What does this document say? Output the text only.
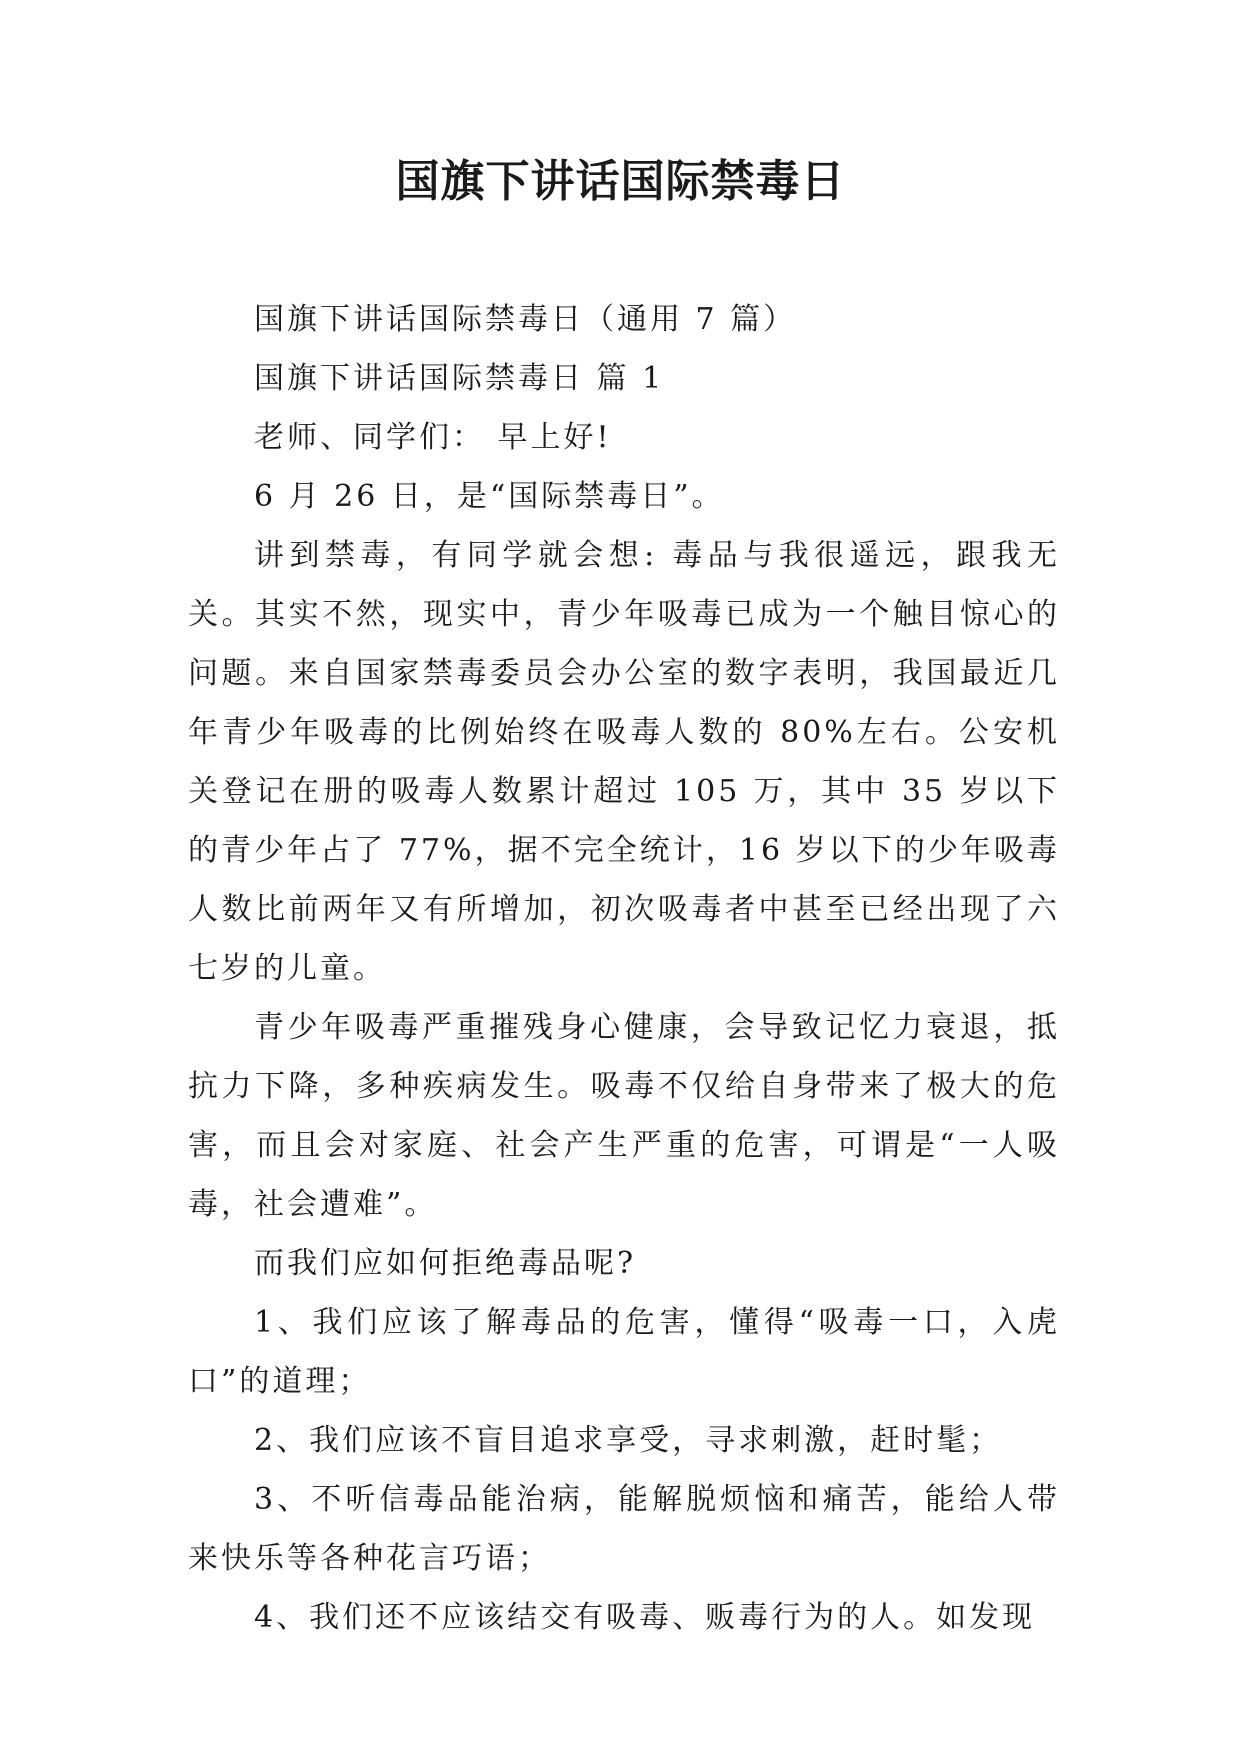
国旗下讲话国际禁毒日

国旗下讲话国际禁毒日（通用 7 篇）

国旗下讲话国际禁毒日 篇 1

老师、同学们： 早上好!

6 月 26 日，是“国际禁毒日”。

讲到禁毒，有同学就会想: 毒品与我很遥远，跟我无关。其实不然，现实中，青少年吸毒已成为一个触目惊心的问题。来自国家禁毒委员会办公室的数字表明，我国最近几年青少年吸毒的比例始终在吸毒人数的 80%左右。公安机关登记在册的吸毒人数累计超过 105 万，其中 35 岁以下的青少年占了 77%，据不完全统计，16 岁以下的少年吸毒人数比前两年又有所增加，初次吸毒者中甚至已经出现了六七岁的儿童。

青少年吸毒严重摧残身心健康，会导致记忆力衰退，抵抗力下降，多种疾病发生。吸毒不仅给自身带来了极大的危害，而且会对家庭、社会产生严重的危害，可谓是“一人吸毒，社会遭难”。

而我们应如何拒绝毒品呢?

1、我们应该了解毒品的危害，懂得“吸毒一口，入虎口”的道理；

2、我们应该不盲目追求享受，寻求刺激，赶时髦；

3、不听信毒品能治病，能解脱烦恼和痛苦，能给人带来快乐等各种花言巧语；

4、我们还不应该结交有吸毒、贩毒行为的人。如发现
